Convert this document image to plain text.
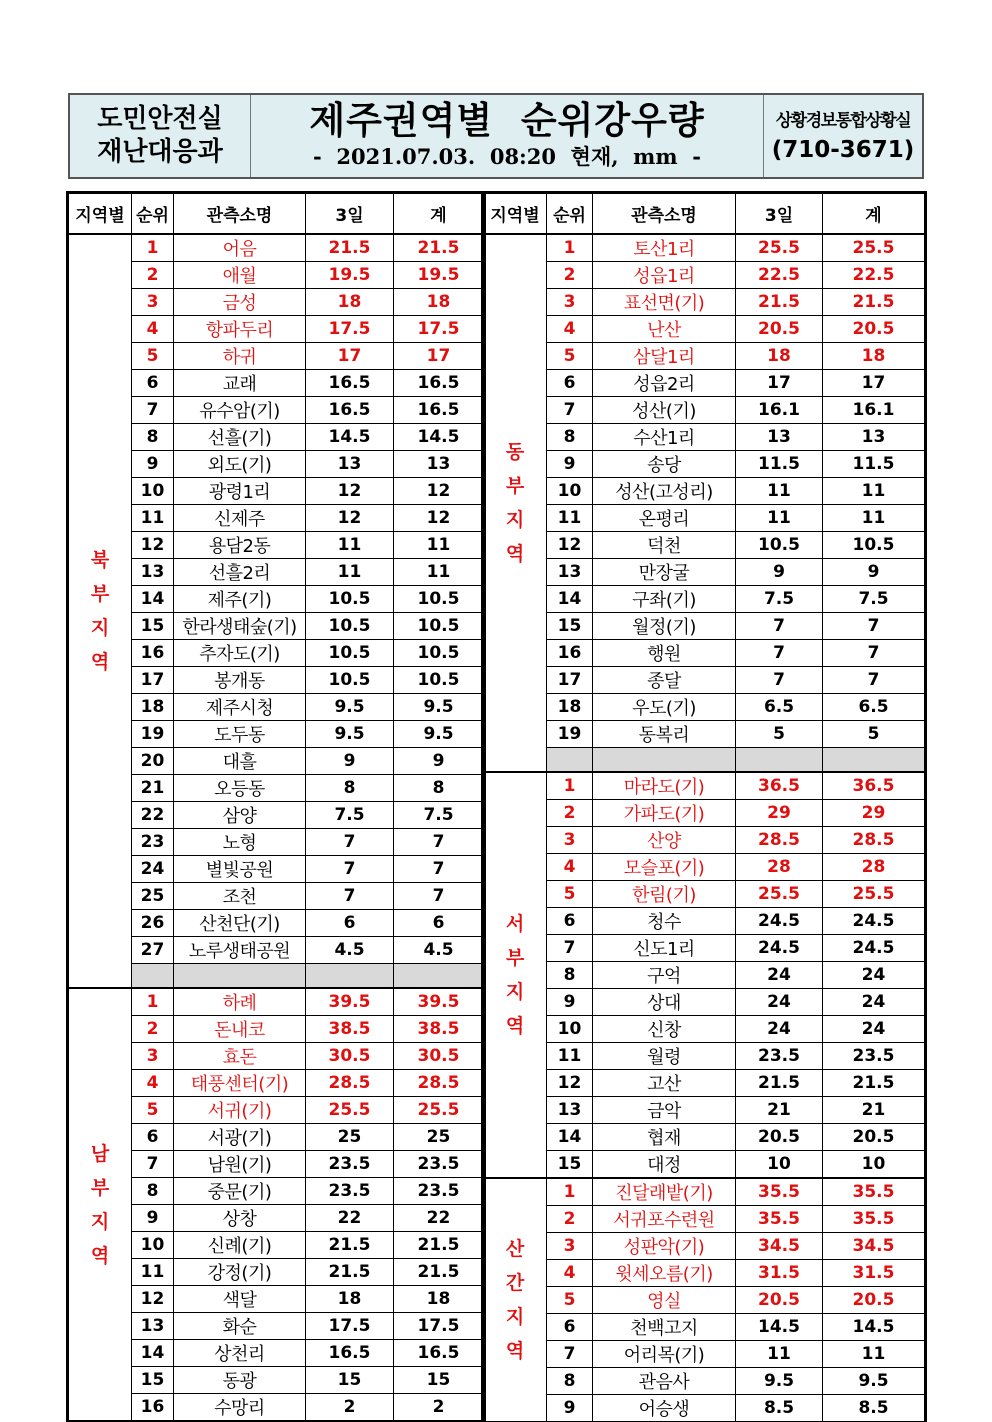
도민안전실
재난대응과
제주권역별  순위강우량
-  2021.07.03.  08:20  현재,  mm  -
상황경보통합상황실
(710-3671)
지역별	순위	관측소명	3일	계
북부지역	1	어음	21.5	21.5
	2	애월	19.5	19.5
	3	금성	18	18
	4	항파두리	17.5	17.5
	5	하귀	17	17
	6	교래	16.5	16.5
	7	유수암(기)	16.5	16.5
	8	선흘(기)	14.5	14.5
	9	외도(기)	13	13
	10	광령1리	12	12
	11	신제주	12	12
	12	용담2동	11	11
	13	선흘2리	11	11
	14	제주(기)	10.5	10.5
	15	한라생태숲(기)	10.5	10.5
	16	추자도(기)	10.5	10.5
	17	봉개동	10.5	10.5
	18	제주시청	9.5	9.5
	19	도두동	9.5	9.5
	20	대흘	9	9
	21	오등동	8	8
	22	삼양	7.5	7.5
	23	노형	7	7
	24	별빛공원	7	7
	25	조천	7	7
	26	산천단(기)	6	6
	27	노루생태공원	4.5	4.5

남부지역	1	하례	39.5	39.5
	2	돈내코	38.5	38.5
	3	효돈	30.5	30.5
	4	태풍센터(기)	28.5	28.5
	5	서귀(기)	25.5	25.5
	6	서광(기)	25	25
	7	남원(기)	23.5	23.5
	8	중문(기)	23.5	23.5
	9	상창	22	22
	10	신례(기)	21.5	21.5
	11	강정(기)	21.5	21.5
	12	색달	18	18
	13	화순	17.5	17.5
	14	상천리	16.5	16.5
	15	동광	15	15
	16	수망리	2	2
지역별	순위	관측소명	3일	계
동부지역	1	토산1리	25.5	25.5
	2	성읍1리	22.5	22.5
	3	표선면(기)	21.5	21.5
	4	난산	20.5	20.5
	5	삼달1리	18	18
	6	성읍2리	17	17
	7	성산(기)	16.1	16.1
	8	수산1리	13	13
	9	송당	11.5	11.5
	10	성산(고성리)	11	11
	11	온평리	11	11
	12	덕천	10.5	10.5
	13	만장굴	9	9
	14	구좌(기)	7.5	7.5
	15	월정(기)	7	7
	16	행원	7	7
	17	종달	7	7
	18	우도(기)	6.5	6.5
	19	동복리	5	5

서부지역	1	마라도(기)	36.5	36.5
	2	가파도(기)	29	29
	3	산양	28.5	28.5
	4	모슬포(기)	28	28
	5	한림(기)	25.5	25.5
	6	청수	24.5	24.5
	7	신도1리	24.5	24.5
	8	구억	24	24
	9	상대	24	24
	10	신창	24	24
	11	월령	23.5	23.5
	12	고산	21.5	21.5
	13	금악	21	21
	14	협재	20.5	20.5
	15	대정	10	10
산간지역	1	진달래밭(기)	35.5	35.5
	2	서귀포수련원	35.5	35.5
	3	성판악(기)	34.5	34.5
	4	윗세오름(기)	31.5	31.5
	5	영실	20.5	20.5
	6	천백고지	14.5	14.5
	7	어리목(기)	11	11
	8	관음사	9.5	9.5
	9	어승생	8.5	8.5
